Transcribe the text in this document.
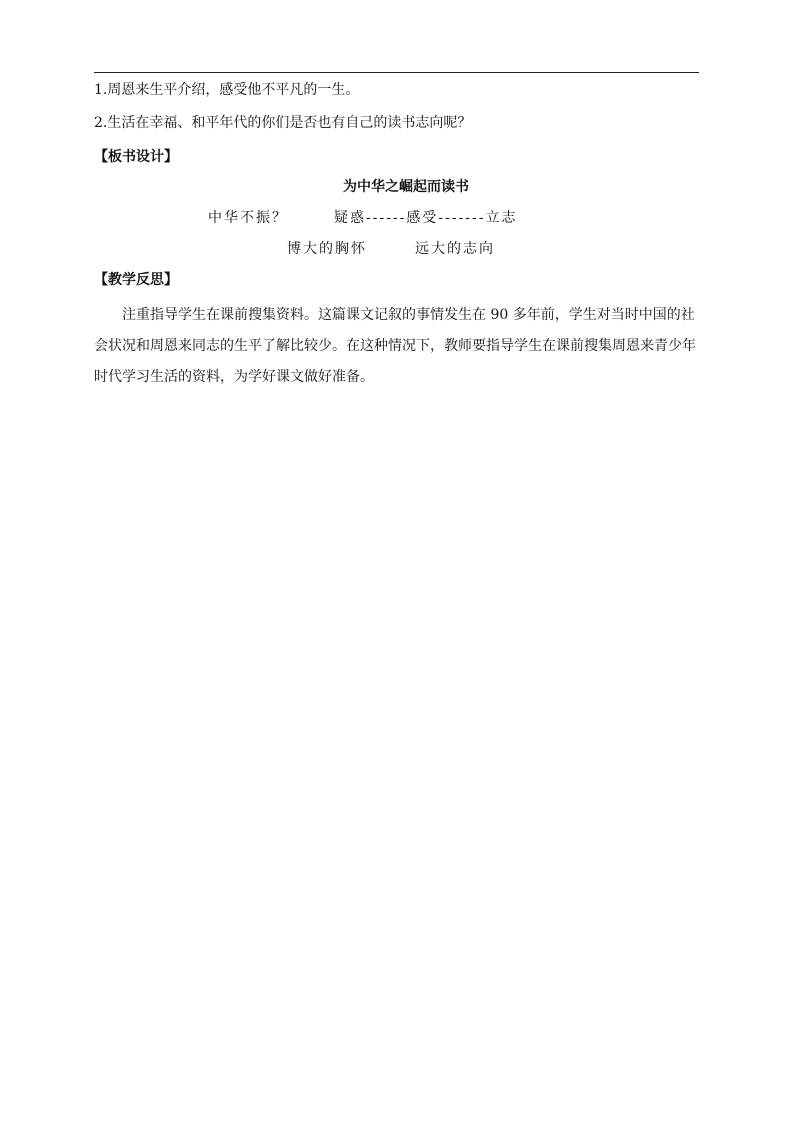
1.周恩来生平介绍，感受他不平凡的一生。
2.生活在幸福、和平年代的你们是否也有自己的读书志向呢？
【板书设计】
为中华之崛起而读书
中华不振？	疑惑------感受-------立志
博大的胸怀	远大的志向
【教学反思】
注重指导学生在课前搜集资料。这篇课文记叙的事情发生在 90 多年前，学生对当时中国的社会状况和周恩来同志的生平了解比较少。在这种情况下，教师要指导学生在课前搜集周恩来青少年时代学习生活的资料，为学好课文做好准备。
